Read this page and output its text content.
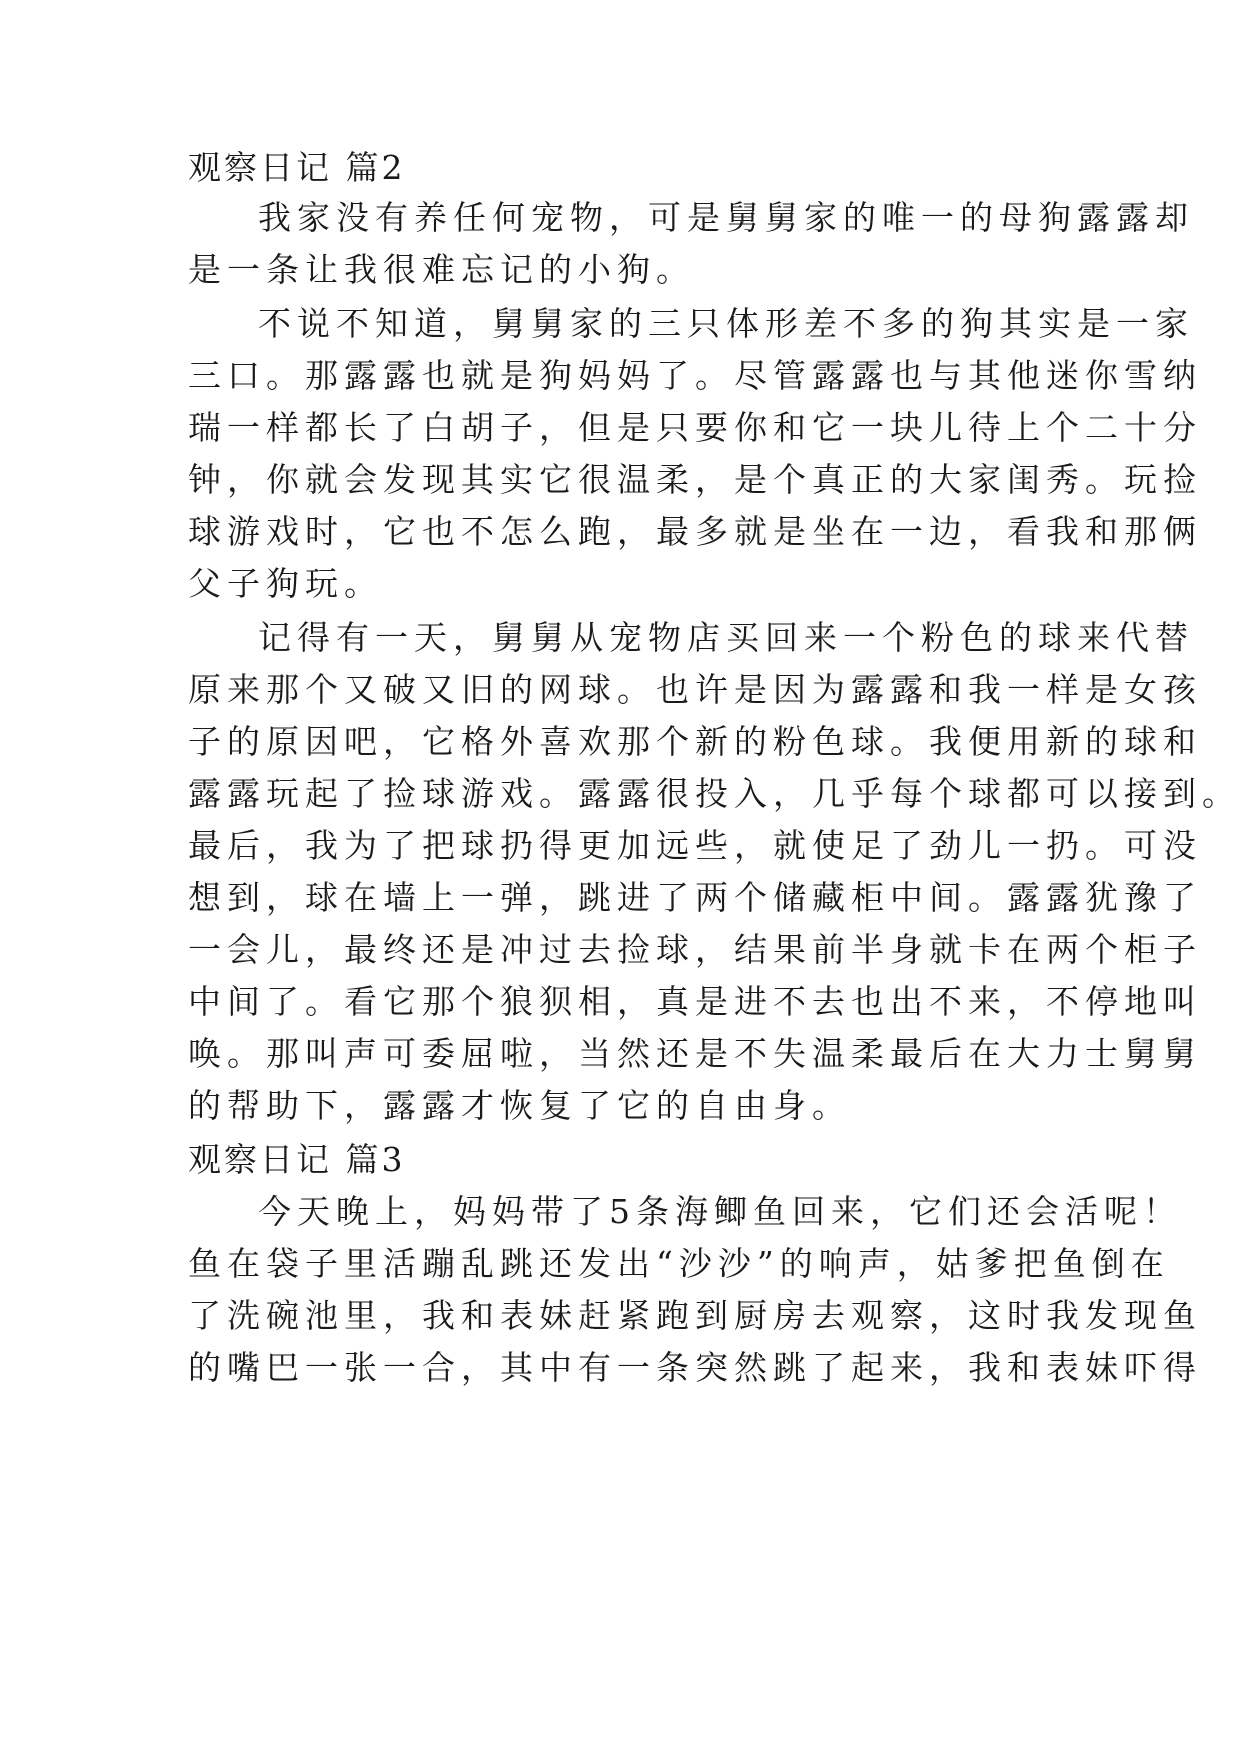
观察日记 篇2
我家没有养任何宠物，可是舅舅家的唯一的母狗露露却
是一条让我很难忘记的小狗。
不说不知道，舅舅家的三只体形差不多的狗其实是一家
三口。那露露也就是狗妈妈了。尽管露露也与其他迷你雪纳
瑞一样都长了白胡子，但是只要你和它一块儿待上个二十分
钟，你就会发现其实它很温柔，是个真正的大家闺秀。玩捡
球游戏时，它也不怎么跑，最多就是坐在一边，看我和那俩
父子狗玩。
记得有一天，舅舅从宠物店买回来一个粉色的球来代替
原来那个又破又旧的网球。也许是因为露露和我一样是女孩
子的原因吧，它格外喜欢那个新的粉色球。我便用新的球和
露露玩起了捡球游戏。露露很投入，几乎每个球都可以接到。
最后，我为了把球扔得更加远些，就使足了劲儿一扔。可没
想到，球在墙上一弹，跳进了两个储藏柜中间。露露犹豫了
一会儿，最终还是冲过去捡球，结果前半身就卡在两个柜子
中间了。看它那个狼狈相，真是进不去也出不来，不停地叫
唤。那叫声可委屈啦，当然还是不失温柔最后在大力士舅舅
的帮助下，露露才恢复了它的自由身。
观察日记 篇3
今天晚上，妈妈带了5条海鲫鱼回来，它们还会活呢！
鱼在袋子里活蹦乱跳还发出“沙沙”的响声，姑爹把鱼倒在
了洗碗池里，我和表妹赶紧跑到厨房去观察，这时我发现鱼
的嘴巴一张一合，其中有一条突然跳了起来，我和表妹吓得
